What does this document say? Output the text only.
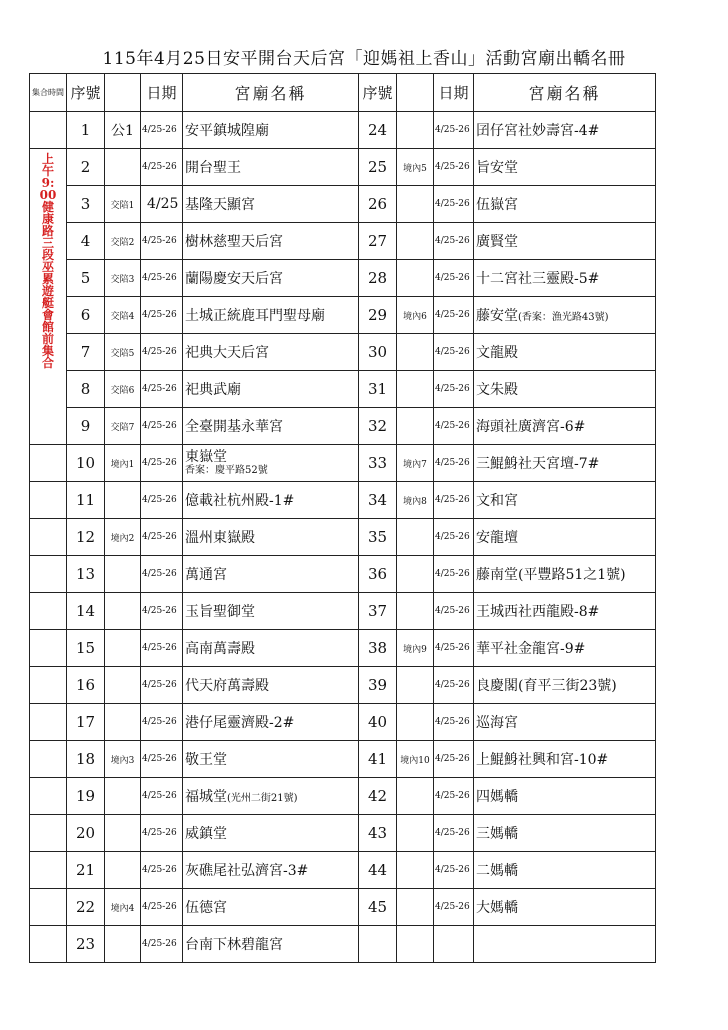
115年4月25日安平開台天后宮「迎媽祖上香山」活動宮廟出轎名冊
集合時間	序號		日期	宮廟名稱	序號		日期	宮廟名稱
	1	公1	4/25-26	安平鎮城隍廟	24		4/25-26	囝仔宮社妙壽宮-4#

上午9:00健康路三段巫累遊艇會館前集合	2		4/25-26	開台聖王	25	境內5	4/25-26	旨安堂
	3	交陪1	4/25	基隆天顯宮	26		4/25-26	伍嶽宮
	4	交陪2	4/25-26	樹林慈聖天后宮	27		4/25-26	廣賢堂
	5	交陪3	4/25-26	蘭陽慶安天后宮	28		4/25-26	十二宮社三靈殿-5#
	6	交陪4	4/25-26	土城正統鹿耳門聖母廟	29	境內6	4/25-26	藤安堂(香案：漁光路43號)
	7	交陪5	4/25-26	祀典大天后宮	30		4/25-26	文龍殿
	8	交陪6	4/25-26	祀典武廟	31		4/25-26	文朱殿
	9	交陪7	4/25-26	全臺開基永華宮	32		4/25-26	海頭社廣濟宮-6#
	10	境內1	4/25-26	東嶽堂
香案：慶平路52號	33	境內7	4/25-26	三鯤鯓社天宮壇-7#
	11		4/25-26	億載社杭州殿-1#	34	境內8	4/25-26	文和宮
	12	境內2	4/25-26	溫州東嶽殿	35		4/25-26	安龍壇
	13		4/25-26	萬通宮	36		4/25-26	藤南堂(平豐路51之1號)
	14		4/25-26	玉旨聖御堂	37		4/25-26	王城西社西龍殿-8#
	15		4/25-26	高南萬壽殿	38	境內9	4/25-26	華平社金龍宮-9#
	16		4/25-26	代天府萬壽殿	39		4/25-26	良慶閣(育平三街23號)
	17		4/25-26	港仔尾靈濟殿-2#	40		4/25-26	巡海宮
	18	境內3	4/25-26	敬王堂	41	境內10	4/25-26	上鯤鯓社興和宮-10#
	19		4/25-26	福城堂(光州二街21號)	42		4/25-26	四媽轎
	20		4/25-26	威鎮堂	43		4/25-26	三媽轎
	21		4/25-26	灰礁尾社弘濟宮-3#	44		4/25-26	二媽轎
	22	境內4	4/25-26	伍德宮	45		4/25-26	大媽轎
	23		4/25-26	台南下林碧龍宮				
